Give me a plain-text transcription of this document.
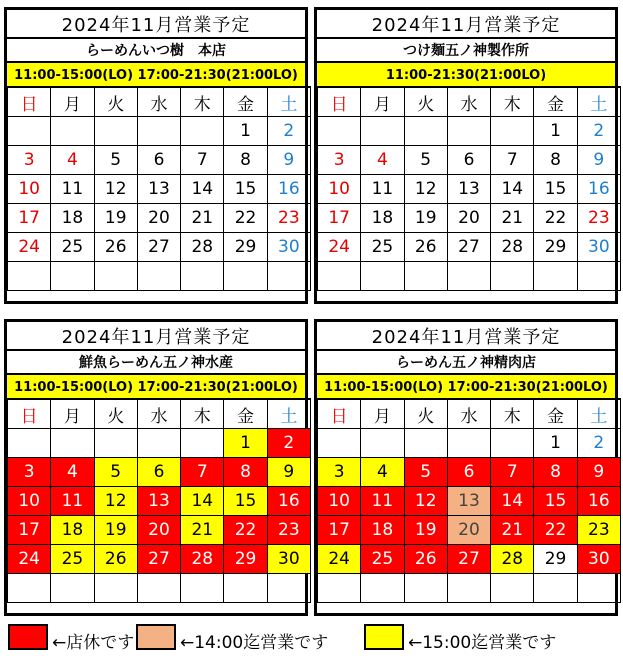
2024年11月営業予定
らーめんいつ樹　本店
11:00-15:00(LO) 17:00-21:30(21:00LO)
日	月	火	水	木	金	土
					1	2
3	4	5	6	7	8	9
10	11	12	13	14	15	16
17	18	19	20	21	22	23
24	25	26	27	28	29	30

2024年11月営業予定
つけ麺五ノ神製作所
11:00-21:30(21:00LO)
日	月	火	水	木	金	土
					1	2
3	4	5	6	7	8	9
10	11	12	13	14	15	16
17	18	19	20	21	22	23
24	25	26	27	28	29	30

2024年11月営業予定
鮮魚らーめん五ノ神水産
11:00-15:00(LO) 17:00-21:30(21:00LO)
日	月	火	水	木	金	土
					1	2
3	4	5	6	7	8	9
10	11	12	13	14	15	16
17	18	19	20	21	22	23
24	25	26	27	28	29	30

2024年11月営業予定
らーめん五ノ神精肉店
11:00-15:00(LO) 17:00-21:30(21:00LO)
日	月	火	水	木	金	土
					1	2
3	4	5	6	7	8	9
10	11	12	13	14	15	16
17	18	19	20	21	22	23
24	25	26	27	28	29	30

←店休です	←14:00迄営業です	←15:00迄営業です
